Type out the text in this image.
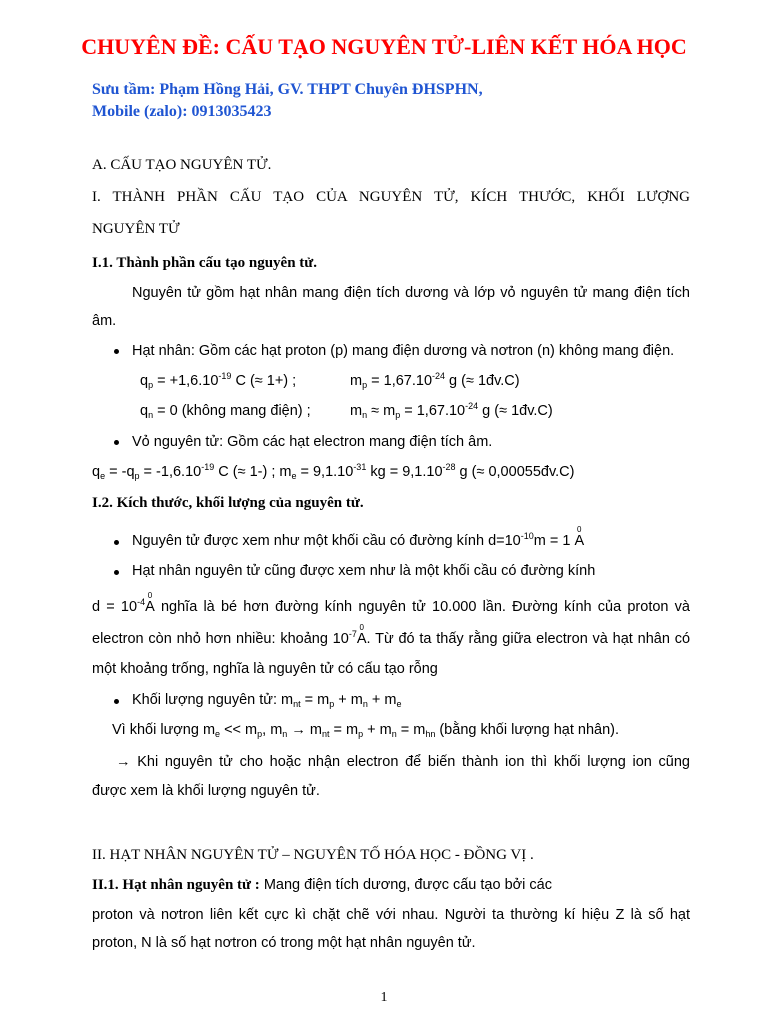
CHUYÊN ĐỀ: CẤU TẠO NGUYÊN TỬ-LIÊN KẾT HÓA HỌC
Sưu tầm: Phạm Hồng Hải, GV. THPT Chuyên ĐHSPHN,
Mobile (zalo): 0913035423
A. CẤU TẠO NGUYÊN TỬ.
I. THÀNH PHẦN CẤU TẠO CỦA NGUYÊN TỬ, KÍCH THƯỚC, KHỐI LƯỢNG
NGUYÊN TỬ
I.1. Thành phần cấu tạo nguyên tử.
Nguyên tử gồm hạt nhân mang điện tích dương và lớp vỏ nguyên tử mang điện tích
âm.
Hạt nhân: Gồm các hạt proton (p) mang điện dương và nơtron (n) không mang điện.
$q_p = +1,6.10^{-19}$ C (≈ 1+) ;	$m_p = 1,67.10^{-24}$ g (≈ 1đv.C)
$q_n = 0$ (không mang điện) ;	$m_n \approx m_p = 1,67.10^{-24}$ g (≈ 1đv.C)
Vỏ nguyên tử: Gồm các hạt electron mang điện tích âm.
$q_e = -q_p = -1,6.10^{-19}$ C (≈ 1-) ; $m_e = 9,1.10^{-31}$ kg = $9,1.10^{-28}$ g (≈ 0,00055đv.C)
I.2. Kích thước, khối lượng của nguyên tử.
Nguyên tử được xem như một khối cầu có đường kính $d=10^{-10}m = 1$ A
0
Hạt nhân nguyên tử cũng được xem như là một khối cầu có đường kính
$d = 10^{-4}A$
0
nghĩa là bé hơn đường kính nguyên tử 10.000 lần. Đường kính của proton và
electron còn nhỏ hơn nhiều: khoảng $10^{-7}A$
0
. Từ đó ta thấy rằng giữa electron và hạt nhân có
một khoảng trống, nghĩa là nguyên tử có cấu tạo rỗng
Khối lượng nguyên tử: $m_{nt} = m_p + m_n + m_e$
Vì khối lượng $m_e << m_p$, $m_n \to m_{nt} = m_p + m_n = m_{hn}$ (bằng khối lượng hạt nhân).
→ Khi nguyên tử cho hoặc nhận electron để biến thành ion thì khối lượng ion cũng
được xem là khối lượng nguyên tử.
II. HẠT NHÂN NGUYÊN TỬ – NGUYÊN TỐ HÓA HỌC - ĐỒNG VỊ .
II.1. Hạt nhân nguyên tử : Mang điện tích dương, được cấu tạo bởi các
proton và nơtron liên kết cực kì chặt chẽ với nhau. Người ta thường kí hiệu Z là số hạt
proton, N là số hạt nơtron có trong một hạt nhân nguyên tử.
1
